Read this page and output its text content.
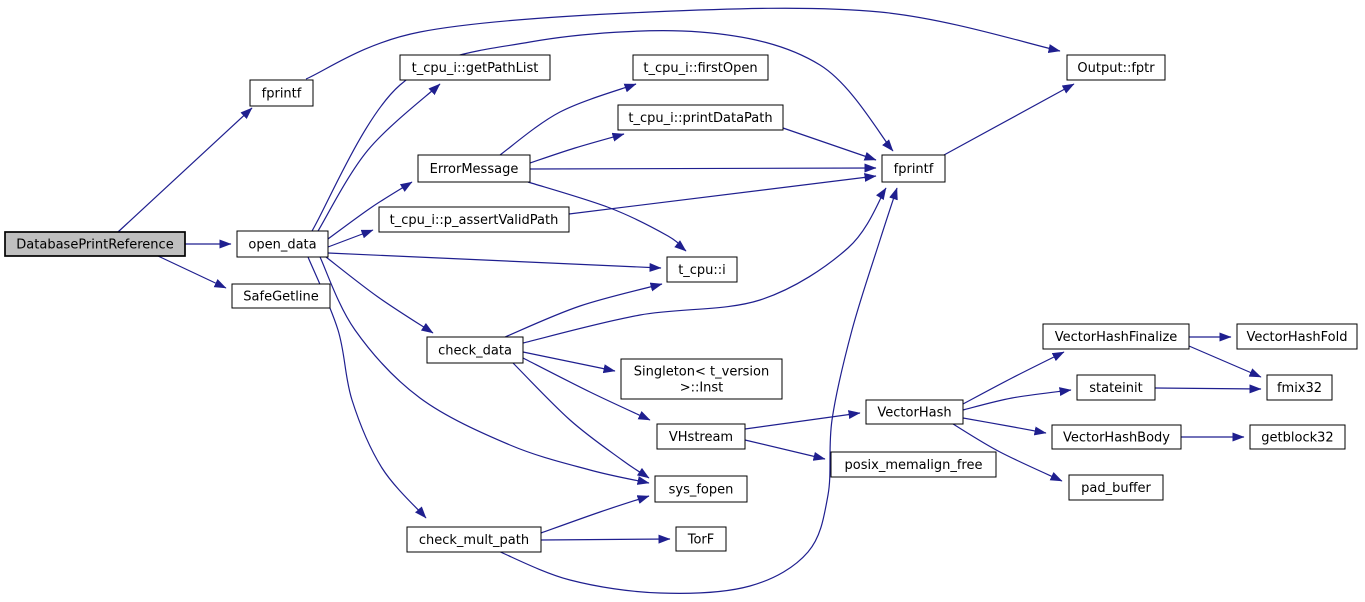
DatabasePrintReference
fprintf
open_data
SafeGetline
t_cpu_i::getPathList	t_cpu_i::firstOpen
t_cpu_i::printDataPath
fprintf
Output::fptr
ErrorMessage
t_cpu_i::p_assertValidPath
t_cpu::i
check_data
Singleton< t_version >::Inst
VHstream
sys_fopen
check_mult_path	TorF
VectorHash
posix_memalign_free
VectorHashFinalize	VectorHashFold
stateinit	fmix32
VectorHashBody	getblock32
pad_buffer
